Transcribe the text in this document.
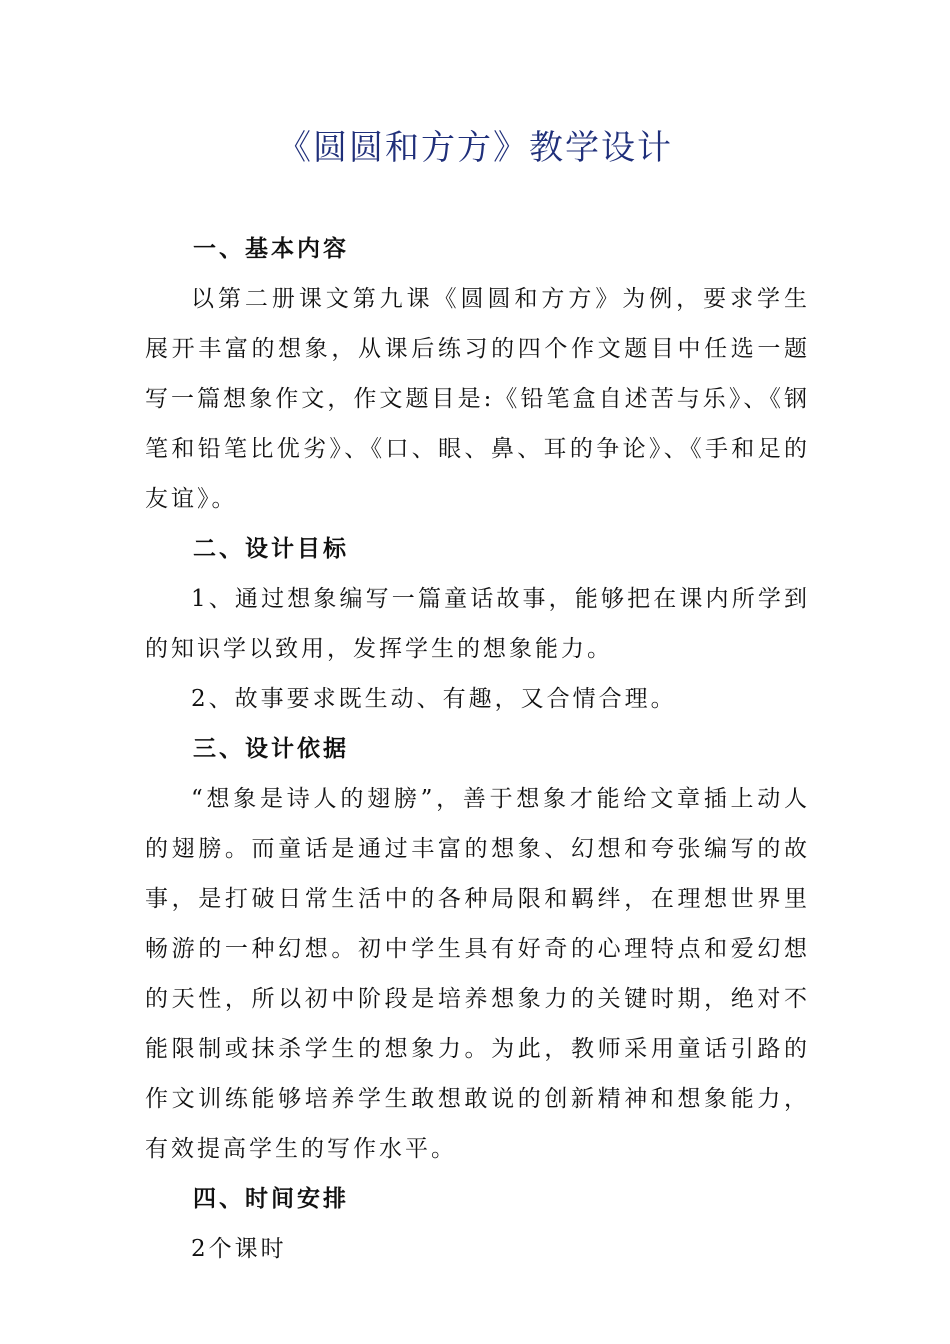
《圆圆和方方》教学设计

一、基本内容

以第二册课文第九课《圆圆和方方》为例，要求学生展开丰富的想象，从课后练习的四个作文题目中任选一题写一篇想象作文，作文题目是:《铅笔盒自述苦与乐》、《钢笔和铅笔比优劣》、《口、眼、鼻、耳的争论》、《手和足的友谊》。

二、设计目标

1、通过想象编写一篇童话故事，能够把在课内所学到的知识学以致用，发挥学生的想象能力。

2、故事要求既生动、有趣，又合情合理。

三、设计依据

“想象是诗人的翅膀”，善于想象才能给文章插上动人的翅膀。而童话是通过丰富的想象、幻想和夸张编写的故事，是打破日常生活中的各种局限和羁绊，在理想世界里畅游的一种幻想。初中学生具有好奇的心理特点和爱幻想的天性，所以初中阶段是培养想象力的关键时期，绝对不能限制或抹杀学生的想象力。为此，教师采用童话引路的作文训练能够培养学生敢想敢说的创新精神和想象能力，有效提高学生的写作水平。

四、时间安排

2个课时
